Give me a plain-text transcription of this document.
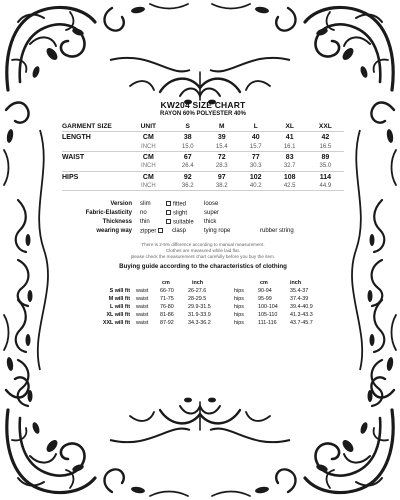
KW204 SIZE CHART
RAYON 60% POLYESTER 40%
GARMENT SIZE	UNIT	S	M	L	XL	XXL
LENGTH	CM	38	39	40	41	42
	INCH	15.0	15.4	15.7	16.1	16.5
WAIST	CM	67	72	77	83	89
	INCH	26.4	28.3	30.3	32.7	35.0
HIPS	CM	92	97	102	108	114
	INCH	36.2	38.2	40.2	42.5	44.9
Version slim	fitted	loose
Fabric-Elasticity no	slight	super
Thickness thin	suitable thick
wearing way zipper	clasp	tying rope	rubber string
There is 2-5% difference according to manual measurement.
Clothes are measured while laid flat.
please check the measurement chart carefully before you buy the item.
Buying guide according to the characteristics of clothing
cm	inch	cm	inch
S will fit waist 66-70	26-27.6	hips	90-94	35.4-37
M will fit waist 71-75	28-29.5	hips	95-99	37.4-39
L will fit waist 76-80	29.9-31.5	hips	100-104 39.4-40.9
XL will fit waist 81-86	31.9-33.9	hips	105-110 41.3-43.3
XXL will fit waist 87-92	34.3-36.2	hips	111-116 43.7-45.7
